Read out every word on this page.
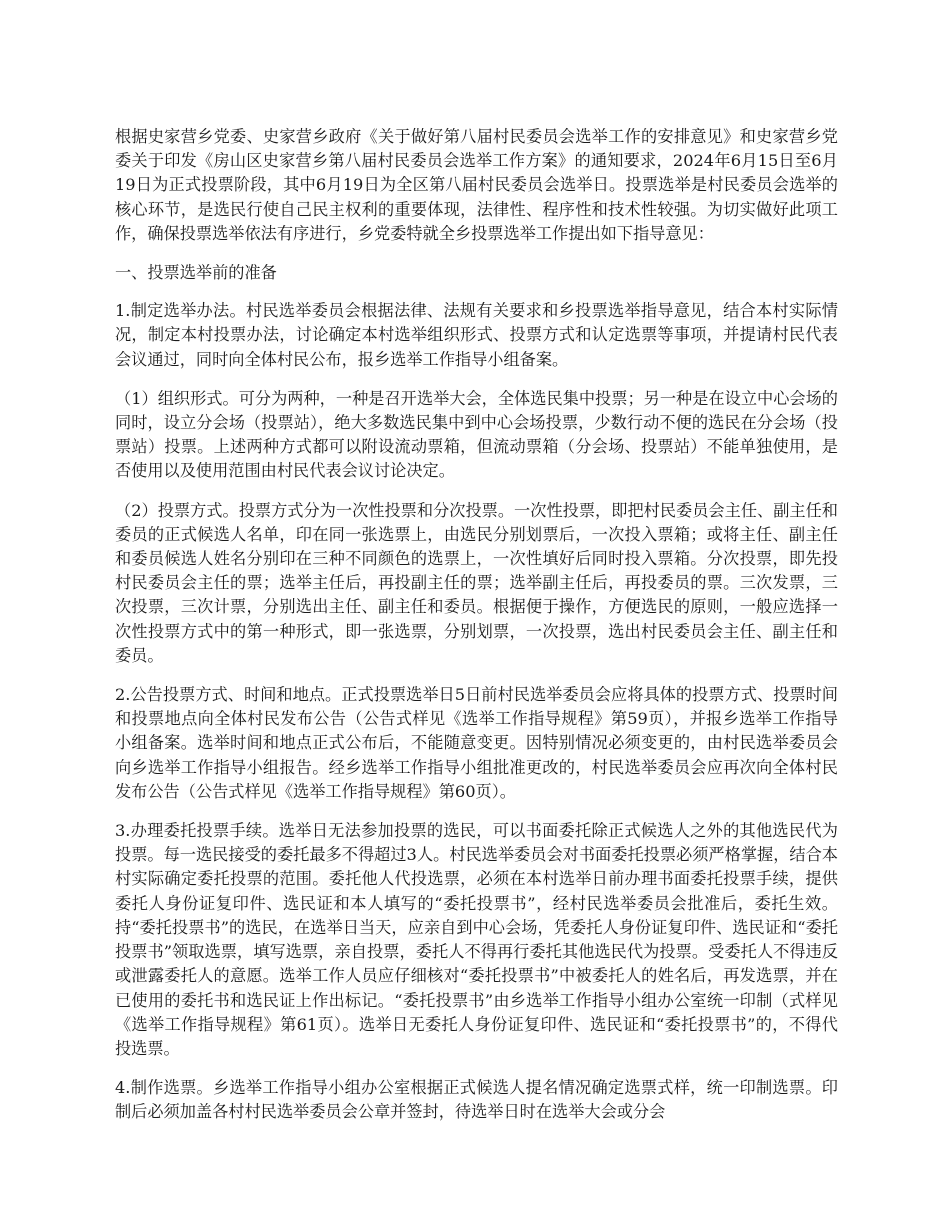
根据史家营乡党委、史家营乡政府《关于做好第八届村民委员会选举工作的安排意见》和史家营乡党委关于印发《房山区史家营乡第八届村民委员会选举工作方案》的通知要求，2024年6月15日至6月19日为正式投票阶段，其中6月19日为全区第八届村民委员会选举日。投票选举是村民委员会选举的核心环节，是选民行使自己民主权利的重要体现，法律性、程序性和技术性较强。为切实做好此项工作，确保投票选举依法有序进行，乡党委特就全乡投票选举工作提出如下指导意见：

一、投票选举前的准备

1.制定选举办法。村民选举委员会根据法律、法规有关要求和乡投票选举指导意见，结合本村实际情况，制定本村投票办法，讨论确定本村选举组织形式、投票方式和认定选票等事项，并提请村民代表会议通过，同时向全体村民公布，报乡选举工作指导小组备案。

（1）组织形式。可分为两种，一种是召开选举大会，全体选民集中投票；另一种是在设立中心会场的同时，设立分会场（投票站），绝大多数选民集中到中心会场投票，少数行动不便的选民在分会场（投票站）投票。上述两种方式都可以附设流动票箱，但流动票箱（分会场、投票站）不能单独使用，是否使用以及使用范围由村民代表会议讨论决定。

（2）投票方式。投票方式分为一次性投票和分次投票。一次性投票，即把村民委员会主任、副主任和委员的正式候选人名单，印在同一张选票上，由选民分别划票后，一次投入票箱；或将主任、副主任和委员候选人姓名分别印在三种不同颜色的选票上，一次性填好后同时投入票箱。分次投票，即先投村民委员会主任的票；选举主任后，再投副主任的票；选举副主任后，再投委员的票。三次发票，三次投票，三次计票，分别选出主任、副主任和委员。根据便于操作，方便选民的原则，一般应选择一次性投票方式中的第一种形式，即一张选票，分别划票，一次投票，选出村民委员会主任、副主任和委员。

2.公告投票方式、时间和地点。正式投票选举日5日前村民选举委员会应将具体的投票方式、投票时间和投票地点向全体村民发布公告（公告式样见《选举工作指导规程》第59页），并报乡选举工作指导小组备案。选举时间和地点正式公布后，不能随意变更。因特别情况必须变更的，由村民选举委员会向乡选举工作指导小组报告。经乡选举工作指导小组批准更改的，村民选举委员会应再次向全体村民发布公告（公告式样见《选举工作指导规程》第60页）。

3.办理委托投票手续。选举日无法参加投票的选民，可以书面委托除正式候选人之外的其他选民代为投票。每一选民接受的委托最多不得超过3人。村民选举委员会对书面委托投票必须严格掌握，结合本村实际确定委托投票的范围。委托他人代投选票，必须在本村选举日前办理书面委托投票手续，提供委托人身份证复印件、选民证和本人填写的“委托投票书”，经村民选举委员会批准后，委托生效。持“委托投票书”的选民，在选举日当天，应亲自到中心会场，凭委托人身份证复印件、选民证和“委托投票书”领取选票，填写选票，亲自投票，委托人不得再行委托其他选民代为投票。受委托人不得违反或泄露委托人的意愿。选举工作人员应仔细核对“委托投票书”中被委托人的姓名后，再发选票，并在已使用的委托书和选民证上作出标记。“委托投票书”由乡选举工作指导小组办公室统一印制（式样见《选举工作指导规程》第61页）。选举日无委托人身份证复印件、选民证和“委托投票书”的，不得代投选票。

4.制作选票。乡选举工作指导小组办公室根据正式候选人提名情况确定选票式样，统一印制选票。印制后必须加盖各村村民选举委员会公章并签封，待选举日时在选举大会或分会
